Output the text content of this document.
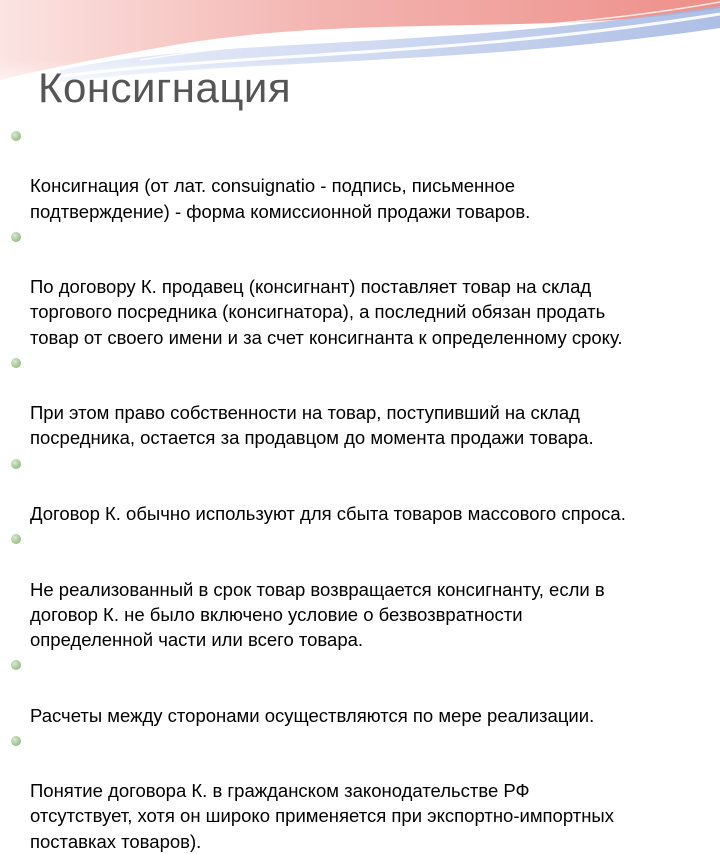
Консигнация

Консигнация (от лат. consuignatio - подпись, письменное
подтверждение) - форма комиссионной продажи товаров.

По договору К. продавец (консигнант) поставляет товар на склад
торгового посредника (консигнатора), а последний обязан продать
товар от своего имени и за счет консигнанта к определенному сроку.

При этом право собственности на товар, поступивший на склад
посредника, остается за продавцом до момента продажи товара.

Договор К. обычно используют для сбыта товаров массового спроса.

Не реализованный в срок товар возвращается консигнанту, если в
договор К. не было включено условие о безвозвратности
определенной части или всего товара.

Расчеты между сторонами осуществляются по мере реализации.

Понятие договора К. в гражданском законодательстве РФ
отсутствует, хотя он широко применяется при экспортно-импортных
поставках товаров).
